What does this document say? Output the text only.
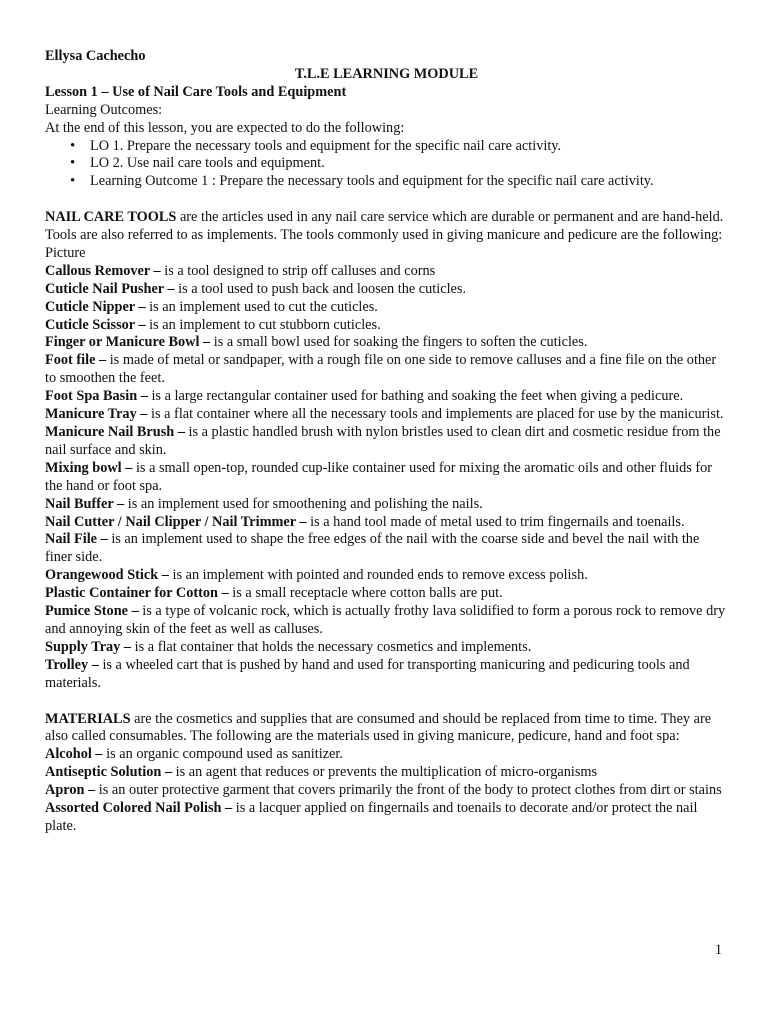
Ellysa Cachecho
T.L.E LEARNING MODULE
Lesson 1 – Use of Nail Care Tools and Equipment
Learning Outcomes:
At the end of this lesson, you are expected to do the following:
• LO 1. Prepare the necessary tools and equipment for the specific nail care activity.
• LO 2. Use nail care tools and equipment.
• Learning Outcome 1 : Prepare the necessary tools and equipment for the specific nail care activity.

NAIL CARE TOOLS are the articles used in any nail care service which are durable or permanent and are hand-held. Tools are also referred to as implements. The tools commonly used in giving manicure and pedicure are the following:

Picture

Callous Remover – is a tool designed to strip off calluses and corns

Cuticle Nail Pusher – is a tool used to push back and loosen the cuticles.

Cuticle Nipper – is an implement used to cut the cuticles.

Cuticle Scissor – is an implement to cut stubborn cuticles.

Finger or Manicure Bowl – is a small bowl used for soaking the fingers to soften the cuticles.

Foot file – is made of metal or sandpaper, with a rough file on one side to remove calluses and a fine file on the other to smoothen the feet.

Foot Spa Basin – is a large rectangular container used for bathing and soaking the feet when giving a pedicure.

Manicure Tray – is a flat container where all the necessary tools and implements are placed for use by the manicurist.

Manicure Nail Brush – is a plastic handled brush with nylon bristles used to clean dirt and cosmetic residue from the nail surface and skin.

Mixing bowl – is a small open-top, rounded cup-like container used for mixing the aromatic oils and other fluids for the hand or foot spa.

Nail Buffer – is an implement used for smoothening and polishing the nails.

Nail Cutter / Nail Clipper / Nail Trimmer – is a hand tool made of metal used to trim fingernails and toenails.

Nail File – is an implement used to shape the free edges of the nail with the coarse side and bevel the nail with the finer side.

Orangewood Stick – is an implement with pointed and rounded ends to remove excess polish.

Plastic Container for Cotton – is a small receptacle where cotton balls are put.

Pumice Stone – is a type of volcanic rock, which is actually frothy lava solidified to form a porous rock to remove dry and annoying skin of the feet as well as calluses.

Supply Tray – is a flat container that holds the necessary cosmetics and implements.

Trolley – is a wheeled cart that is pushed by hand and used for transporting manicuring and pedicuring tools and materials.

MATERIALS are the cosmetics and supplies that are consumed and should be replaced from time to time. They are also called consumables. The following are the materials used in giving manicure, pedicure, hand and foot spa:

Alcohol – is an organic compound used as sanitizer.

Antiseptic Solution – is an agent that reduces or prevents the multiplication of micro-organisms

Apron – is an outer protective garment that covers primarily the front of the body to protect clothes from dirt or stains

Assorted Colored Nail Polish – is a lacquer applied on fingernails and toenails to decorate and/or protect the nail plate.

1
